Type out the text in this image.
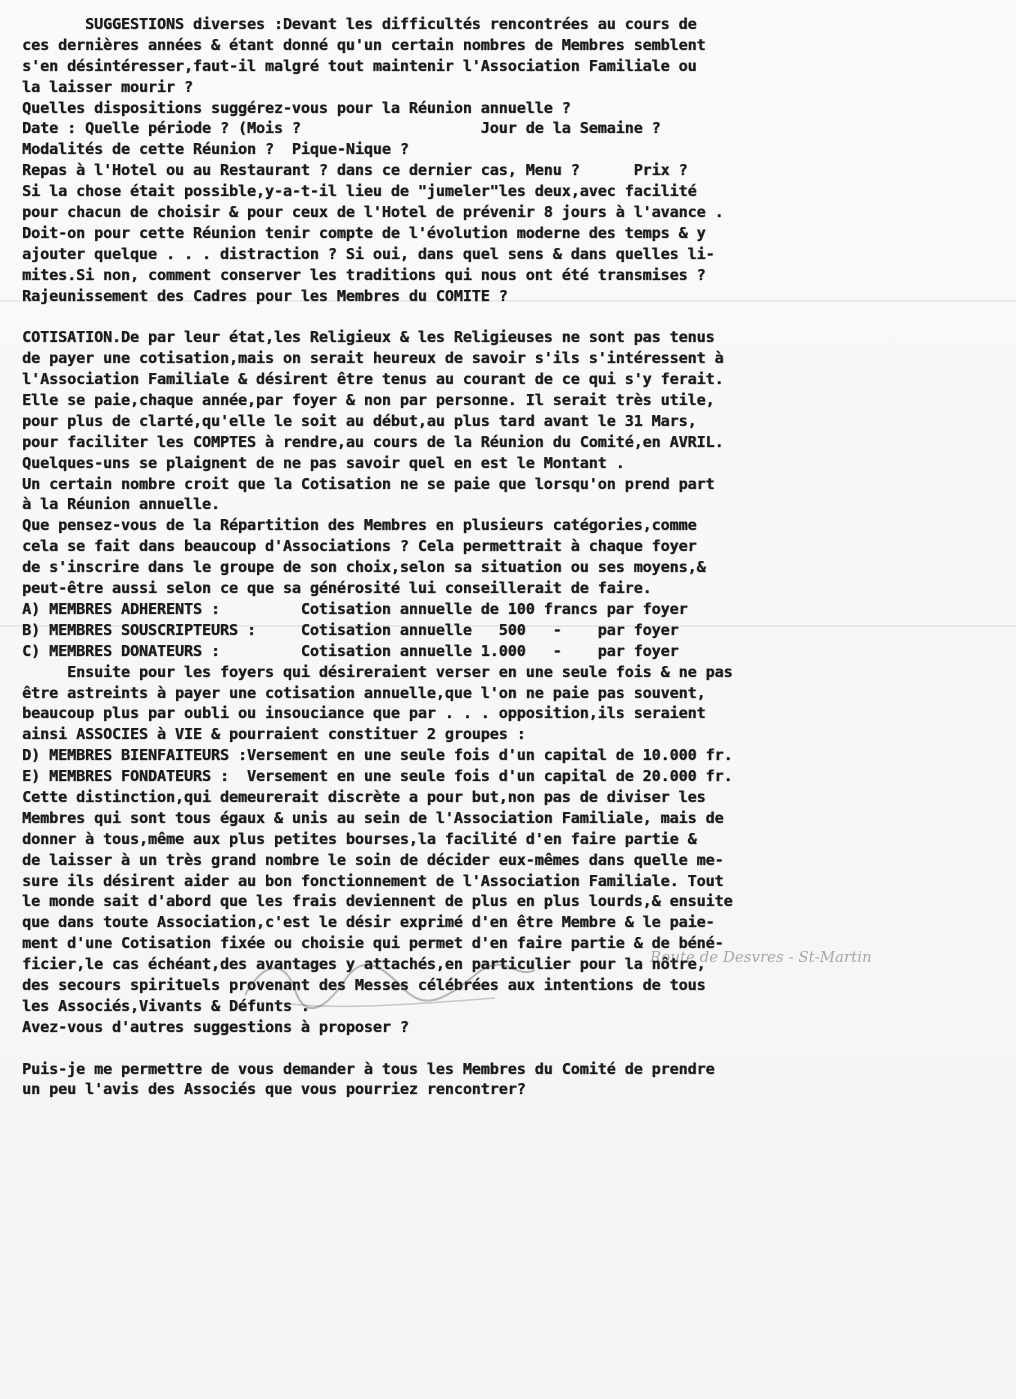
SUGGESTIONS diverses :Devant les difficultés rencontrées au cours de
ces dernières années & étant donné qu'un certain nombres de Membres semblent
s'en désintéresser,faut-il malgré tout maintenir l'Association Familiale ou
la laisser mourir ?
Quelles dispositions suggérez-vous pour la Réunion annuelle ?
Date : Quelle période ? (Mois ?                    Jour de la Semaine ?
Modalités de cette Réunion ?  Pique-Nique ?
Repas à l'Hotel ou au Restaurant ? dans ce dernier cas, Menu ?      Prix ?
Si la chose était possible,y-a-t-il lieu de "jumeler"les deux,avec facilité
pour chacun de choisir & pour ceux de l'Hotel de prévenir 8 jours à l'avance .
Doit-on pour cette Réunion tenir compte de l'évolution moderne des temps & y
ajouter quelque . . . distraction ? Si oui, dans quel sens & dans quelles li-
mites.Si non, comment conserver les traditions qui nous ont été transmises ?
Rajeunissement des Cadres pour les Membres du COMITE ?
COTISATION.De par leur état,les Religieux & les Religieuses ne sont pas tenus
de payer une cotisation,mais on serait heureux de savoir s'ils s'intéressent à
l'Association Familiale & désirent être tenus au courant de ce qui s'y ferait.
Elle se paie,chaque année,par foyer & non par personne. Il serait très utile,
pour plus de clarté,qu'elle le soit au début,au plus tard avant le 31 Mars,
pour faciliter les COMPTES à rendre,au cours de la Réunion du Comité,en AVRIL.
Quelques-uns se plaignent de ne pas savoir quel en est le Montant .
Un certain nombre croit que la Cotisation ne se paie que lorsqu'on prend part
à la Réunion annuelle.
Que pensez-vous de la Répartition des Membres en plusieurs catégories,comme
cela se fait dans beaucoup d'Associations ? Cela permettrait à chaque foyer
de s'inscrire dans le groupe de son choix,selon sa situation ou ses moyens,&
peut-être aussi selon ce que sa générosité lui conseillerait de faire.
A) MEMBRES ADHERENTS :         Cotisation annuelle de 100 francs par foyer
B) MEMBRES SOUSCRIPTEURS :     Cotisation annuelle   500   -    par foyer
C) MEMBRES DONATEURS :         Cotisation annuelle 1.000   -    par foyer
Ensuite pour les foyers qui désireraient verser en une seule fois & ne pas
être astreints à payer une cotisation annuelle,que l'on ne paie pas souvent,
beaucoup plus par oubli ou insouciance que par . . . opposition,ils seraient
ainsi ASSOCIES à VIE & pourraient constituer 2 groupes :
D) MEMBRES BIENFAITEURS :Versement en une seule fois d'un capital de 10.000 fr.
E) MEMBRES FONDATEURS :  Versement en une seule fois d'un capital de 20.000 fr.
Cette distinction,qui demeurerait discrète a pour but,non pas de diviser les
Membres qui sont tous égaux & unis au sein de l'Association Familiale, mais de
donner à tous,même aux plus petites bourses,la facilité d'en faire partie &
de laisser à un très grand nombre le soin de décider eux-mêmes dans quelle me-
sure ils désirent aider au bon fonctionnement de l'Association Familiale. Tout
le monde sait d'abord que les frais deviennent de plus en plus lourds,& ensuite
que dans toute Association,c'est le désir exprimé d'en être Membre & le paie-
ment d'une Cotisation fixée ou choisie qui permet d'en faire partie & de béné-
ficier,le cas échéant,des avantages y attachés,en particulier pour la nôtre,
des secours spirituels provenant des Messes célébrées aux intentions de tous
les Associés,Vivants & Défunts .
Avez-vous d'autres suggestions à proposer ?
Puis-je me permettre de vous demander à tous les Membres du Comité de prendre
un peu l'avis des Associés que vous pourriez rencontrer?
Route de Desvres - St-Martin
